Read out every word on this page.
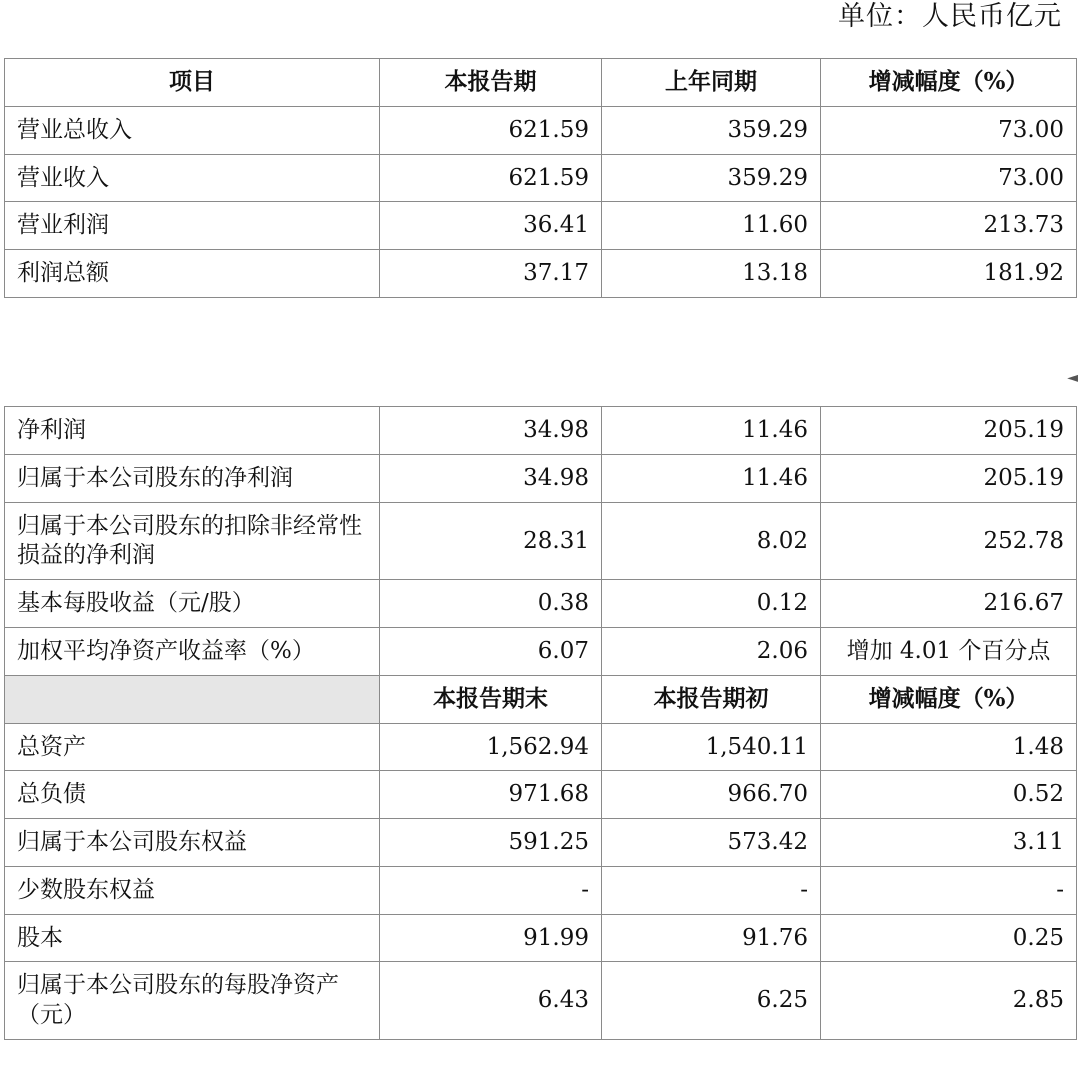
单位：人民币亿元
项目	本报告期	上年同期	增减幅度（%）
营业总收入	621.59	359.29	73.00
营业收入	621.59	359.29	73.00
营业利润	36.41	11.60	213.73
利润总额	37.17	13.18	181.92
◄
净利润	34.98	11.46	205.19
归属于本公司股东的净利润	34.98	11.46	205.19
归属于本公司股东的扣除非经常性损益的净利润	28.31	8.02	252.78
基本每股收益（元/股）	0.38	0.12	216.67
加权平均净资产收益率（%）	6.07	2.06	增加 4.01 个百分点
	本报告期末	本报告期初	增减幅度（%）
总资产	1,562.94	1,540.11	1.48
总负债	971.68	966.70	0.52
归属于本公司股东权益	591.25	573.42	3.11
少数股东权益	-	-	-
股本	91.99	91.76	0.25
归属于本公司股东的每股净资产（元）	6.43	6.25	2.85
